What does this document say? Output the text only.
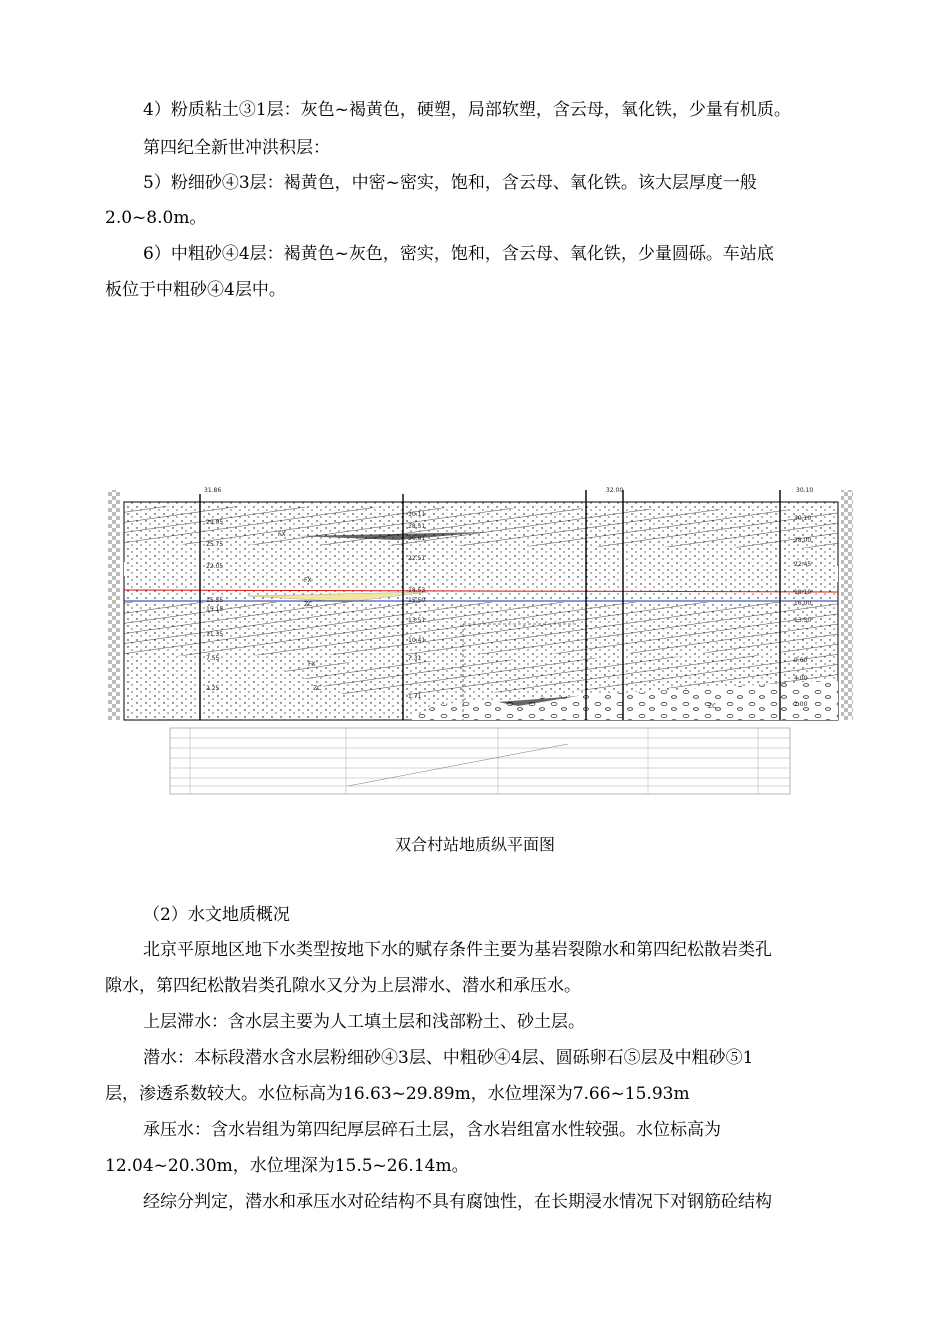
4）粉质粘土③1层：灰色~褐黄色，硬塑，局部软塑，含云母，氧化铁，少量有机质。
第四纪全新世冲洪积层：
5）粉细砂④3层：褐黄色，中密~密实，饱和，含云母、氧化铁。该大层厚度一般
2.0~8.0m。
6）中粗砂④4层：褐黄色~灰色，密实，饱和，含云母、氧化铁，少量圆砾。车站底
板位于中粗砂④4层中。
31.86	32.00	30.10
29.05
25.75
22.05
15.55
15.15
11.35
7.55
2.25
30.11
28.51
26.81
22.51
18.53
15.50
13.51
10.41
7.31
1.71
30.10
28.00
22.45
18.10
16.00
13.50
9.60
4.00
2.00
FX
ZC
FX
ZC
FX
ZC
双合村站地质纵平面图
（2）水文地质概况
北京平原地区地下水类型按地下水的赋存条件主要为基岩裂隙水和第四纪松散岩类孔
隙水，第四纪松散岩类孔隙水又分为上层滞水、潜水和承压水。
上层滞水：含水层主要为人工填土层和浅部粉土、砂土层。
潜水：本标段潜水含水层粉细砂④3层、中粗砂④4层、圆砾卵石⑤层及中粗砂⑤1
层，渗透系数较大。水位标高为16.63~29.89m，水位埋深为7.66~15.93m
承压水：含水岩组为第四纪厚层碎石土层，含水岩组富水性较强。水位标高为
12.04~20.30m，水位埋深为15.5~26.14m。
经综分判定，潜水和承压水对砼结构不具有腐蚀性，在长期浸水情况下对钢筋砼结构
